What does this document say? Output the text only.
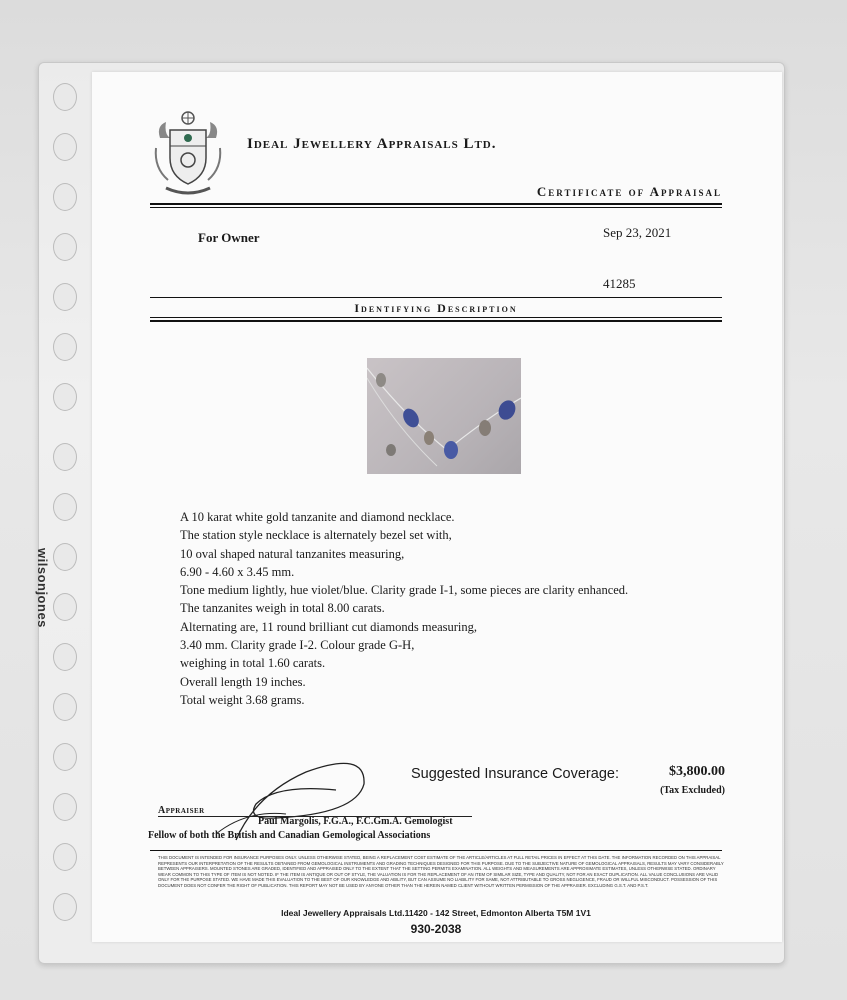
wilsonjones
Ideal Jewellery Appraisals Ltd.
Certificate of Appraisal
For Owner	Sep 23, 2021
41285
Identifying Description
A 10 karat white gold tanzanite and diamond necklace.
The station style necklace is alternately bezel set with,
10 oval shaped natural tanzanites measuring,
6.90 - 4.60 x 3.45 mm.
Tone medium lightly, hue violet/blue. Clarity grade I-1, some pieces are clarity enhanced.
The tanzanites weigh in total 8.00 carats.
Alternating are, 11 round brilliant cut diamonds measuring,
3.40 mm. Clarity grade I-2. Colour grade G-H,
weighing in total 1.60 carats.
Overall length 19 inches.
Total weight 3.68 grams.
Suggested Insurance Coverage:	$3,800.00
(Tax Excluded)
Appraiser
Paul Margolis, F.G.A., F.C.Gm.A. Gemologist
Fellow of both the British and Canadian Gemological Associations
THIS DOCUMENT IS INTENDED FOR INSURANCE PURPOSES ONLY. UNLESS OTHERWISE STATED, BEING A REPLACEMENT COST ESTIMATE OF THE ARTICLE/ARTICLES AT FULL RETAIL PRICES IN EFFECT AT THIS DATE. THE INFORMATION RECORDED ON THIS APPRAISAL REPRESENTS OUR INTERPRETATION OF THE RESULTS OBTAINED FROM GEMOLOGICAL INSTRUMENTS AND GRADING TECHNIQUES DESIGNED FOR THIS PURPOSE. DUE TO THE SUBJECTIVE NATURE OF GEMOLOGICAL APPRAISALS, RESULTS MAY VARY CONSIDERABLY BETWEEN APPRAISERS. MOUNTED STONES ARE GRADED, IDENTIFIED AND APPRAISED ONLY TO THE EXTENT THAT THE SETTING PERMITS EXAMINATION. ALL WEIGHTS AND MEASUREMENTS ARE APPROXIMATE ESTIMATES, UNLESS OTHERWISE STATED. ORDINARY WEAR COMMON TO THIS TYPE OF ITEM IS NOT NOTED. IF THE ITEM IS ANTIQUE OR OUT OF STYLE, THE VALUATION IS FOR THE REPLACEMENT OF AN ITEM OF SIMILAR SIZE, TYPE AND QUALITY, NOT FOR AN EXACT DUPLICATION. ALL VALUE CONCLUSIONS ARE VALID ONLY FOR THE PURPOSE STATED. WE HAVE MADE THIS EVALUATION TO THE BEST OF OUR KNOWLEDGE AND ABILITY, BUT CAN ASSUME NO LIABILITY FOR SAME, NOT ATTRIBUTABLE TO GROSS NEGLIGENCE, FRAUD OR WILLFUL MISCONDUCT. POSSESSION OF THIS DOCUMENT DOES NOT CONFER THE RIGHT OF PUBLICATION. THIS REPORT MAY NOT BE USED BY ANYONE OTHER THAN THE HEREIN NAMED CLIENT WITHOUT WRITTEN PERMISSION OF THE APPRAISER. EXCLUDING G.S.T. AND P.S.T.
Ideal Jewellery Appraisals Ltd.11420 - 142 Street, Edmonton Alberta T5M 1V1
930-2038
